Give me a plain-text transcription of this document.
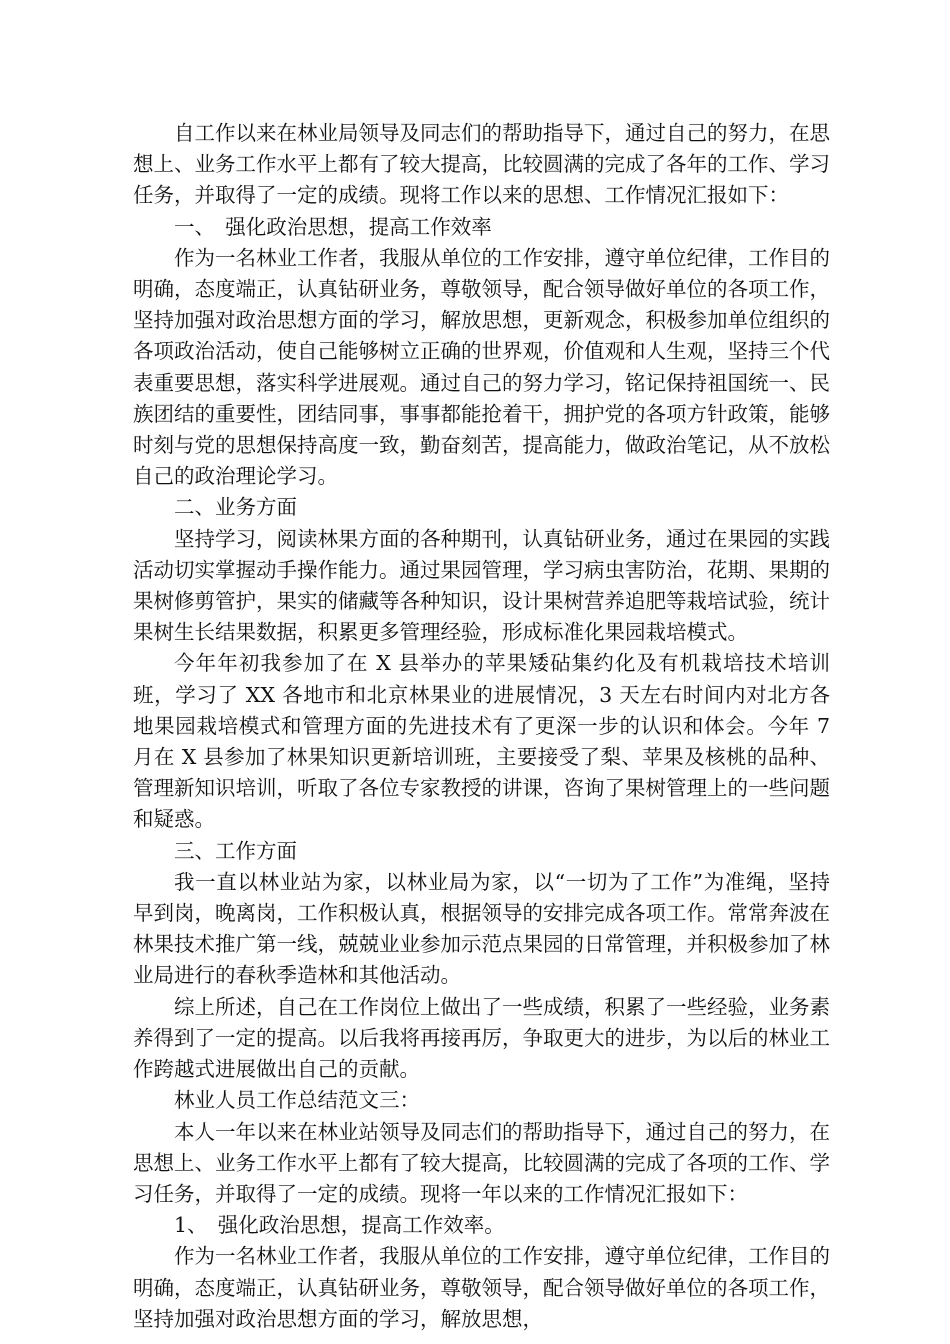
自工作以来在林业局领导及同志们的帮助指导下，通过自己的努力，在思想上、业务工作水平上都有了较大提高，比较圆满的完成了各年的工作、学习任务，并取得了一定的成绩。现将工作以来的思想、工作情况汇报如下：

一、　强化政治思想，提高工作效率

作为一名林业工作者，我服从单位的工作安排，遵守单位纪律，工作目的明确，态度端正，认真钻研业务，尊敬领导，配合领导做好单位的各项工作，坚持加强对政治思想方面的学习，解放思想，更新观念，积极参加单位组织的各项政治活动，使自己能够树立正确的世界观，价值观和人生观，坚持三个代表重要思想，落实科学进展观。通过自己的努力学习，铭记保持祖国统一、民族团结的重要性，团结同事，事事都能抢着干，拥护党的各项方针政策，能够时刻与党的思想保持高度一致，勤奋刻苦，提高能力，做政治笔记，从不放松自己的政治理论学习。

二、业务方面

坚持学习，阅读林果方面的各种期刊，认真钻研业务，通过在果园的实践活动切实掌握动手操作能力。通过果园管理，学习病虫害防治，花期、果期的果树修剪管护，果实的储藏等各种知识，设计果树营养追肥等栽培试验，统计果树生长结果数据，积累更多管理经验，形成标准化果园栽培模式。

今年年初我参加了在 X 县举办的苹果矮砧集约化及有机栽培技术培训班，学习了 XX 各地市和北京林果业的进展情况，3 天左右时间内对北方各地果园栽培模式和管理方面的先进技术有了更深一步的认识和体会。今年 7 月在 X 县参加了林果知识更新培训班，主要接受了梨、苹果及核桃的品种、管理新知识培训，听取了各位专家教授的讲课，咨询了果树管理上的一些问题和疑惑。

三、工作方面

我一直以林业站为家，以林业局为家，以“一切为了工作”为准绳，坚持早到岗，晚离岗，工作积极认真，根据领导的安排完成各项工作。常常奔波在林果技术推广第一线，兢兢业业参加示范点果园的日常管理，并积极参加了林业局进行的春秋季造林和其他活动。

综上所述，自己在工作岗位上做出了一些成绩，积累了一些经验，业务素养得到了一定的提高。以后我将再接再厉，争取更大的进步，为以后的林业工作跨越式进展做出自己的贡献。

林业人员工作总结范文三：

本人一年以来在林业站领导及同志们的帮助指导下，通过自己的努力，在思想上、业务工作水平上都有了较大提高，比较圆满的完成了各项的工作、学习任务，并取得了一定的成绩。现将一年以来的工作情况汇报如下：

1、　强化政治思想，提高工作效率。

作为一名林业工作者，我服从单位的工作安排，遵守单位纪律，工作目的明确，态度端正，认真钻研业务，尊敬领导，配合领导做好单位的各项工作，坚持加强对政治思想方面的学习，解放思想，
